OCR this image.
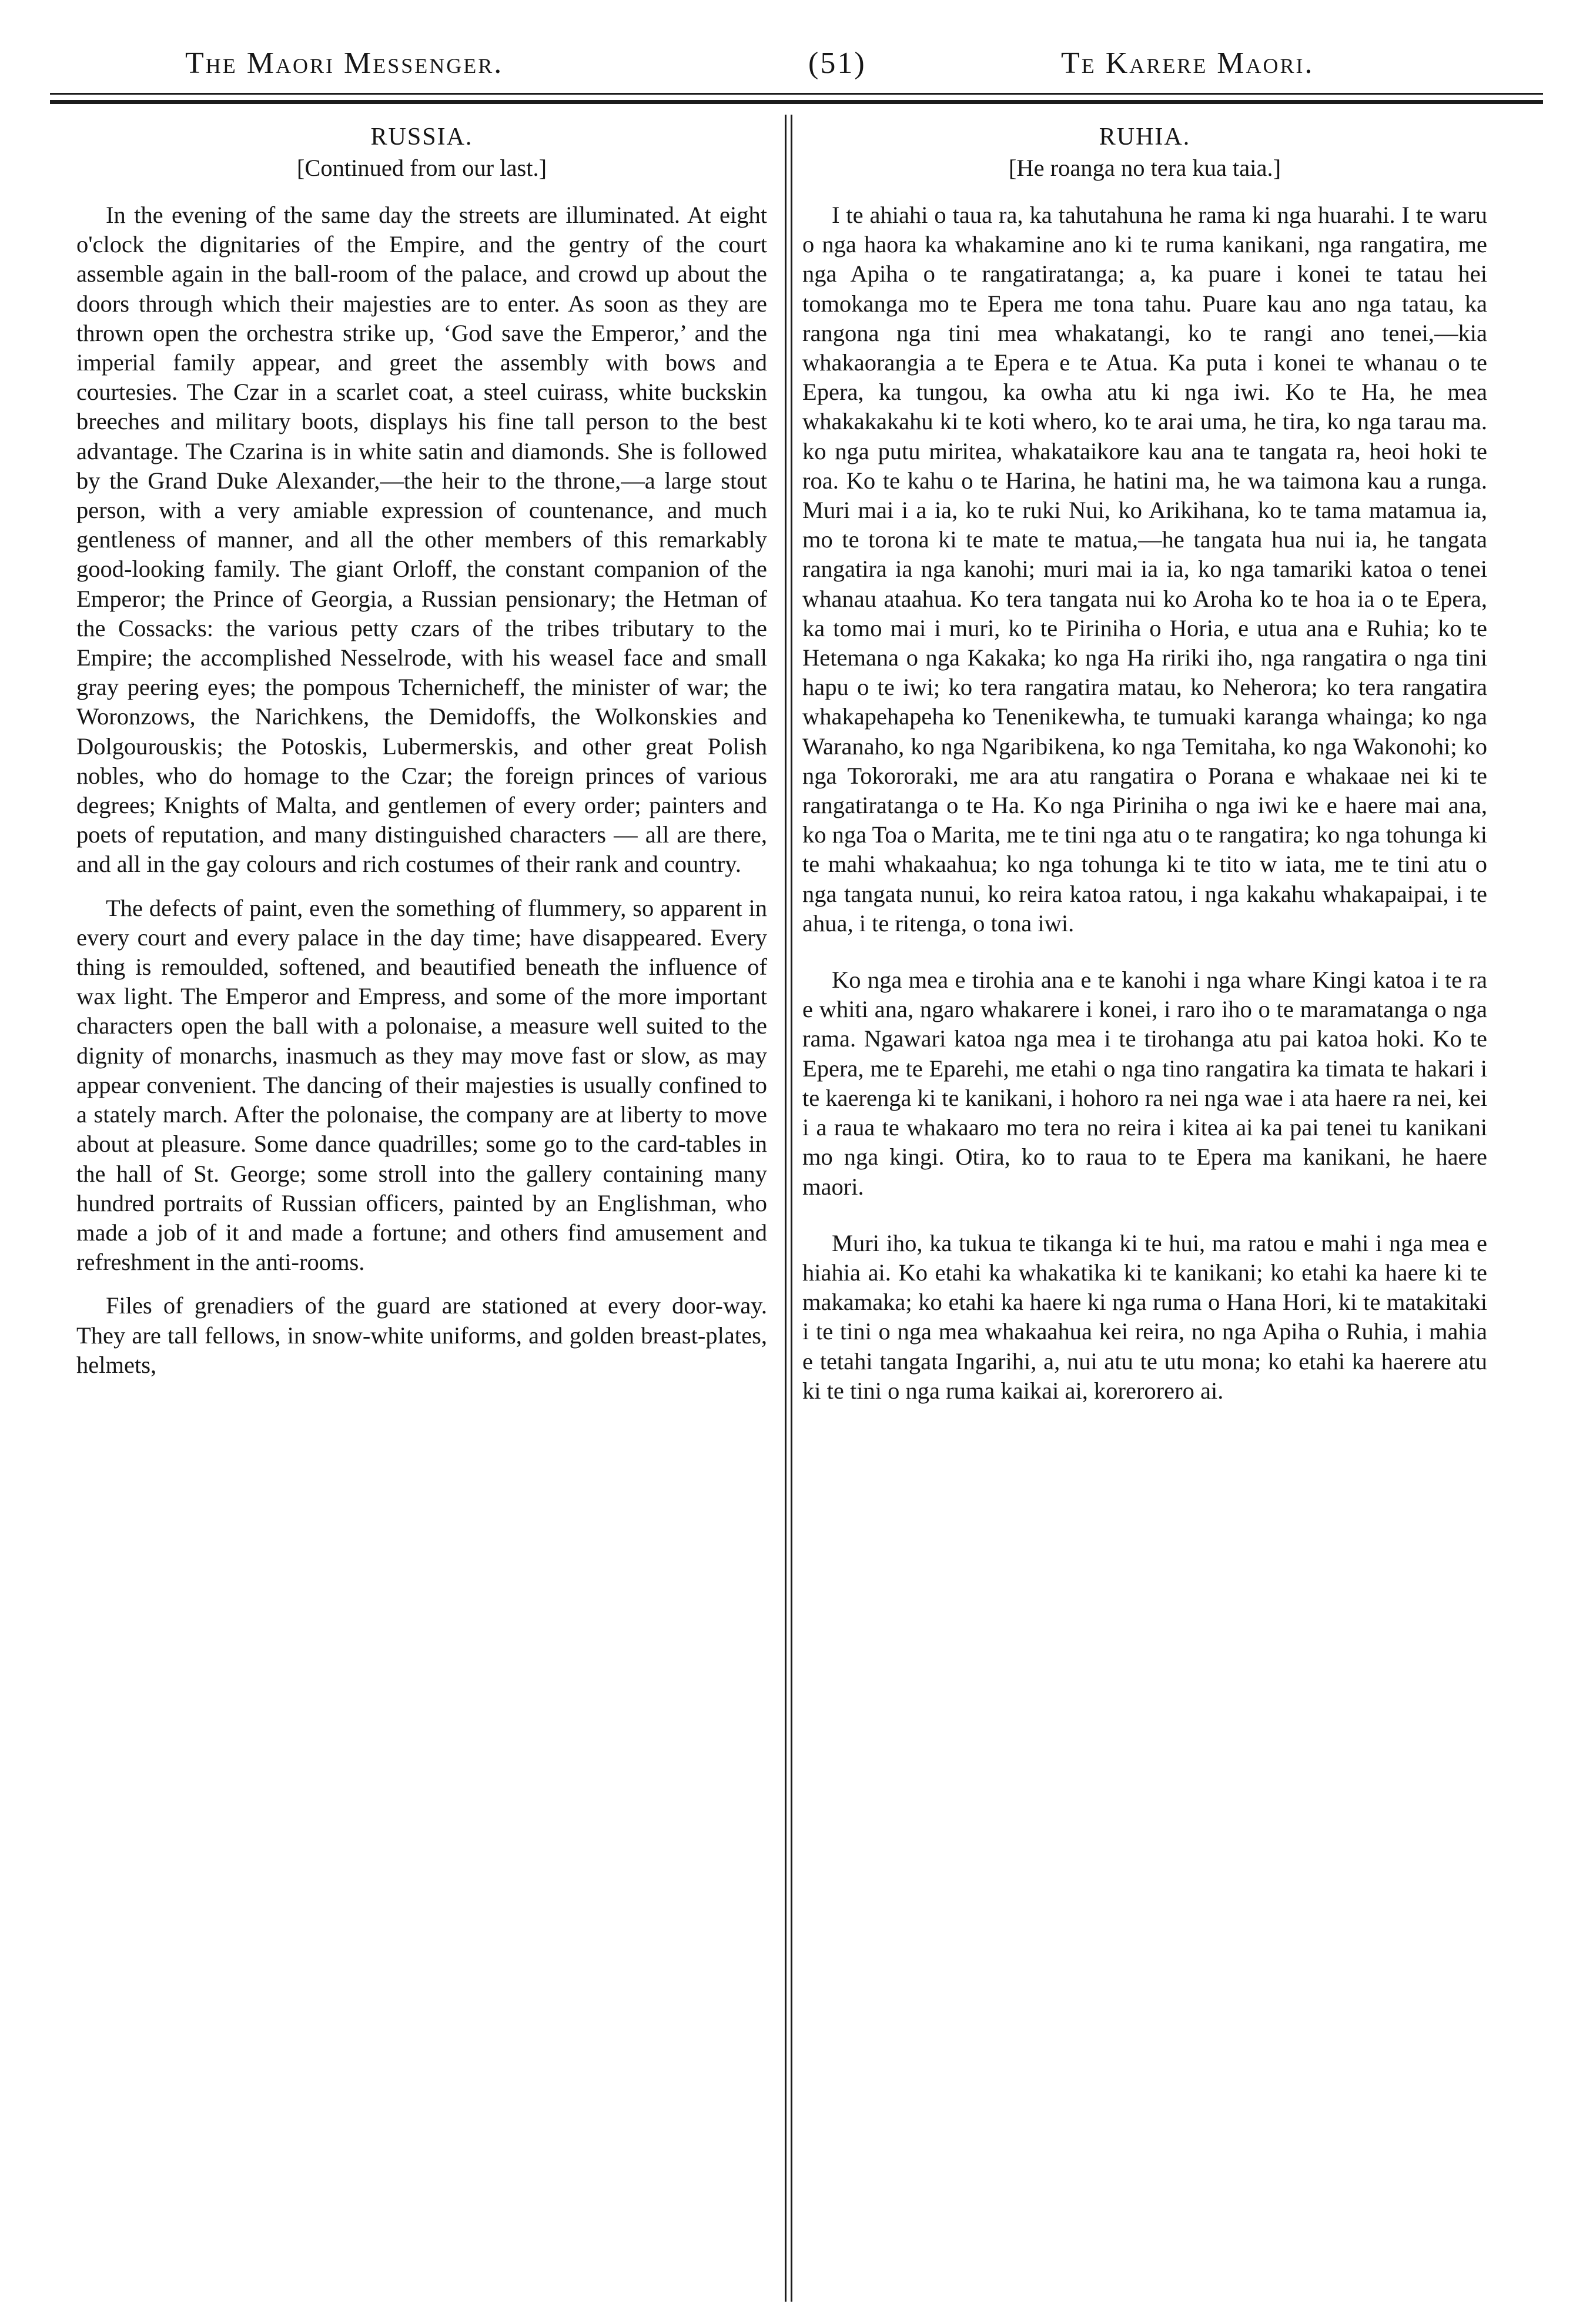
The Maori Messenger.	(51)	Te Karere Maori.
RUSSIA.
[Continued from our last.]

In the evening of the same day the streets are illuminated. At eight o'clock the dignitaries of the Empire, and the gentry of the court assemble again in the ball-room of the palace, and crowd up about the doors through which their majesties are to enter. As soon as they are thrown open the orchestra strike up, ‘God save the Emperor,’ and the imperial family appear, and greet the assembly with bows and courtesies. The Czar in a scarlet coat, a steel cuirass, white buckskin breeches and military boots, displays his fine tall person to the best advantage. The Czarina is in white satin and diamonds. She is followed by the Grand Duke Alexander,—the heir to the throne,—a large stout person, with a very amiable expression of countenance, and much gentleness of manner, and all the other members of this remarkably good-looking family. The giant Orloff, the constant companion of the Emperor; the Prince of Georgia, a Russian pensionary; the Hetman of the Cossacks: the various petty czars of the tribes tributary to the Empire; the accomplished Nesselrode, with his weasel face and small gray peering eyes; the pompous Tchernicheff, the minister of war; the Woronzows, the Narichkens, the Demidoffs, the Wolkonskies and Dolgourouskis; the Potoskis, Lubermerskis, and other great Polish nobles, who do homage to the Czar; the foreign princes of various degrees; Knights of Malta, and gentlemen of every order; painters and poets of reputation, and many distinguished characters — all are there, and all in the gay colours and rich costumes of their rank and country.

The defects of paint, even the something of flummery, so apparent in every court and every palace in the day time; have disappeared. Every thing is remoulded, softened, and beautified beneath the influence of wax light. The Emperor and Empress, and some of the more important characters open the ball with a polonaise, a measure well suited to the dignity of monarchs, inasmuch as they may move fast or slow, as may appear convenient. The dancing of their majesties is usually confined to a stately march. After the polonaise, the company are at liberty to move about at pleasure. Some dance quadrilles; some go to the card-tables in the hall of St. George; some stroll into the gallery containing many hundred portraits of Russian officers, painted by an Englishman, who made a job of it and made a fortune; and others find amusement and refreshment in the anti-rooms.

Files of grenadiers of the guard are stationed at every door-way. They are tall fellows, in snow-white uniforms, and golden breast-plates, helmets,

RUHIA.
[He roanga no tera kua taia.]

I te ahiahi o taua ra, ka tahutahuna he rama ki nga huarahi. I te waru o nga haora ka whakamine ano ki te ruma kanikani, nga rangatira, me nga Apiha o te rangatiratanga; a, ka puare i konei te tatau hei tomokanga mo te Epera me tona tahu. Puare kau ano nga tatau, ka rangona nga tini mea whakatangi, ko te rangi ano tenei,—kia whakaorangia a te Epera e te Atua. Ka puta i konei te whanau o te Epera, ka tungou, ka owha atu ki nga iwi. Ko te Ha, he mea whakakakahu ki te koti whero, ko te arai uma, he tira, ko nga tarau ma. ko nga putu miritea, whakataikore kau ana te tangata ra, heoi hoki te roa. Ko te kahu o te Harina, he hatini ma, he wa taimona kau a runga. Muri mai i a ia, ko te ruki Nui, ko Arikihana, ko te tama matamua ia, mo te torona ki te mate te matua,—he tangata hua nui ia, he tangata rangatira ia nga kanohi; muri mai ia ia, ko nga tamariki katoa o tenei whanau ataahua. Ko tera tangata nui ko Aroha ko te hoa ia o te Epera, ka tomo mai i muri, ko te Piriniha o Horia, e utua ana e Ruhia; ko te Hetemana o nga Kakaka; ko nga Ha ririki iho, nga rangatira o nga tini hapu o te iwi; ko tera rangatira matau, ko Neherora; ko tera rangatira whakapehapeha ko Tenenikewha, te tumuaki karanga whainga; ko nga Waranaho, ko nga Ngaribikena, ko nga Temitaha, ko nga Wakonohi; ko nga Tokororaki, me ara atu rangatira o Porana e whakaae nei ki te rangatiratanga o te Ha. Ko nga Piriniha o nga iwi ke e haere mai ana, ko nga Toa o Marita, me te tini nga atu o te rangatira; ko nga tohunga ki te mahi whakaahua; ko nga tohunga ki te tito w iata, me te tini atu o nga tangata nunui, ko reira katoa ratou, i nga kakahu whakapaipai, i te ahua, i te ritenga, o tona iwi.

Ko nga mea e tirohia ana e te kanohi i nga whare Kingi katoa i te ra e whiti ana, ngaro whakarere i konei, i raro iho o te maramatanga o nga rama. Ngawari katoa nga mea i te tirohanga atu pai katoa hoki. Ko te Epera, me te Eparehi, me etahi o nga tino rangatira ka timata te hakari i te kaerenga ki te kanikani, i hohoro ra nei nga wae i ata haere ra nei, kei i a raua te whakaaro mo tera no reira i kitea ai ka pai tenei tu kanikani mo nga kingi. Otira, ko to raua to te Epera ma kanikani, he haere maori.

Muri iho, ka tukua te tikanga ki te hui, ma ratou e mahi i nga mea e hiahia ai. Ko etahi ka whakatika ki te kanikani; ko etahi ka haere ki te makamaka; ko etahi ka haere ki nga ruma o Hana Hori, ki te matakitaki i te tini o nga mea whakaahua kei reira, no nga Apiha o Ruhia, i mahia e tetahi tangata Ingarihi, a, nui atu te utu mona; ko etahi ka haerere atu ki te tini o nga ruma kaikai ai, korerorero ai.
